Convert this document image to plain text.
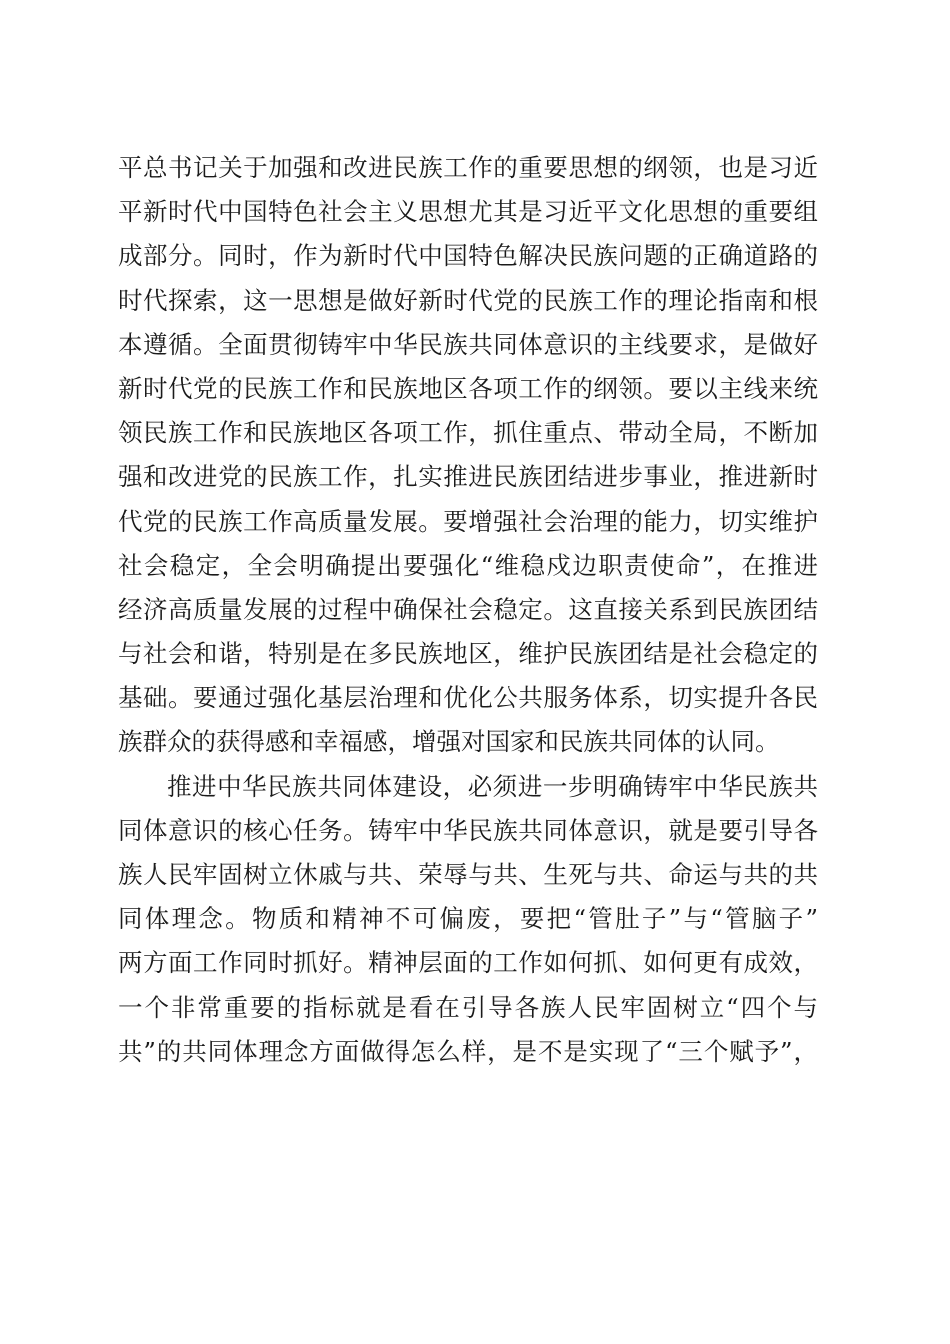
平总书记关于加强和改进民族工作的重要思想的纲领，也是习近
平新时代中国特色社会主义思想尤其是习近平文化思想的重要组
成部分。同时，作为新时代中国特色解决民族问题的正确道路的
时代探索，这一思想是做好新时代党的民族工作的理论指南和根
本遵循。全面贯彻铸牢中华民族共同体意识的主线要求，是做好
新时代党的民族工作和民族地区各项工作的纲领。要以主线来统
领民族工作和民族地区各项工作，抓住重点、带动全局，不断加
强和改进党的民族工作，扎实推进民族团结进步事业，推进新时
代党的民族工作高质量发展。要增强社会治理的能力，切实维护
社会稳定，全会明确提出要强化“维稳戍边职责使命”，在推进
经济高质量发展的过程中确保社会稳定。这直接关系到民族团结
与社会和谐，特别是在多民族地区，维护民族团结是社会稳定的
基础。要通过强化基层治理和优化公共服务体系，切实提升各民
族群众的获得感和幸福感，增强对国家和民族共同体的认同。
推进中华民族共同体建设，必须进一步明确铸牢中华民族共
同体意识的核心任务。铸牢中华民族共同体意识，就是要引导各
族人民牢固树立休戚与共、荣辱与共、生死与共、命运与共的共
同体理念。物质和精神不可偏废，要把“管肚子”与“管脑子”
两方面工作同时抓好。精神层面的工作如何抓、如何更有成效，
一个非常重要的指标就是看在引导各族人民牢固树立“四个与
共”的共同体理念方面做得怎么样，是不是实现了“三个赋予”，
